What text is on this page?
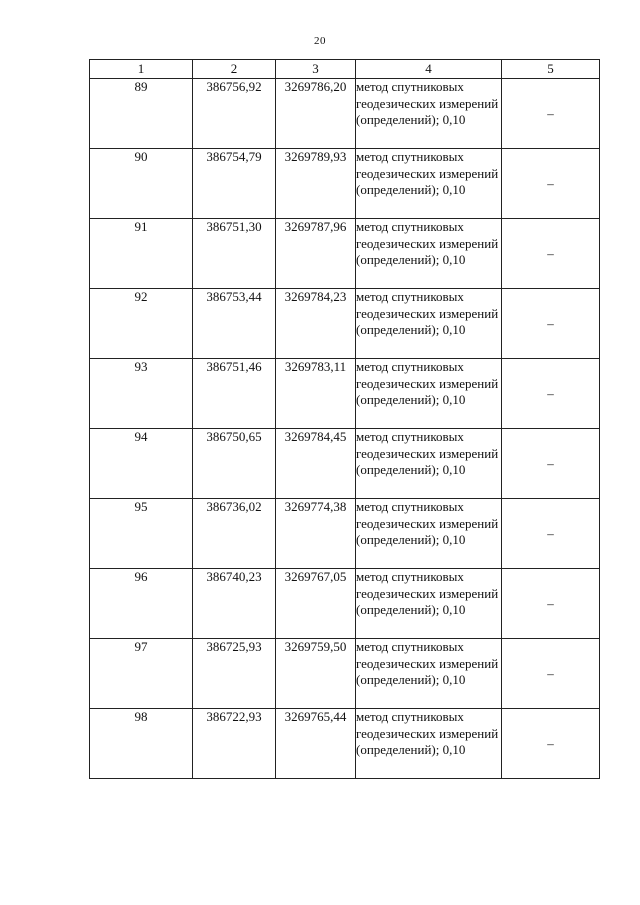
20
1	2	3	4	5
89	386756,92	3269786,20	метод спутниковых геодезических измерений (определений); 0,10	–
90	386754,79	3269789,93	метод спутниковых геодезических измерений (определений); 0,10	–
91	386751,30	3269787,96	метод спутниковых геодезических измерений (определений); 0,10	–
92	386753,44	3269784,23	метод спутниковых геодезических измерений (определений); 0,10	–
93	386751,46	3269783,11	метод спутниковых геодезических измерений (определений); 0,10	–
94	386750,65	3269784,45	метод спутниковых геодезических измерений (определений); 0,10	–
95	386736,02	3269774,38	метод спутниковых геодезических измерений (определений); 0,10	–
96	386740,23	3269767,05	метод спутниковых геодезических измерений (определений); 0,10	–
97	386725,93	3269759,50	метод спутниковых геодезических измерений (определений); 0,10	–
98	386722,93	3269765,44	метод спутниковых геодезических измерений (определений); 0,10	–
